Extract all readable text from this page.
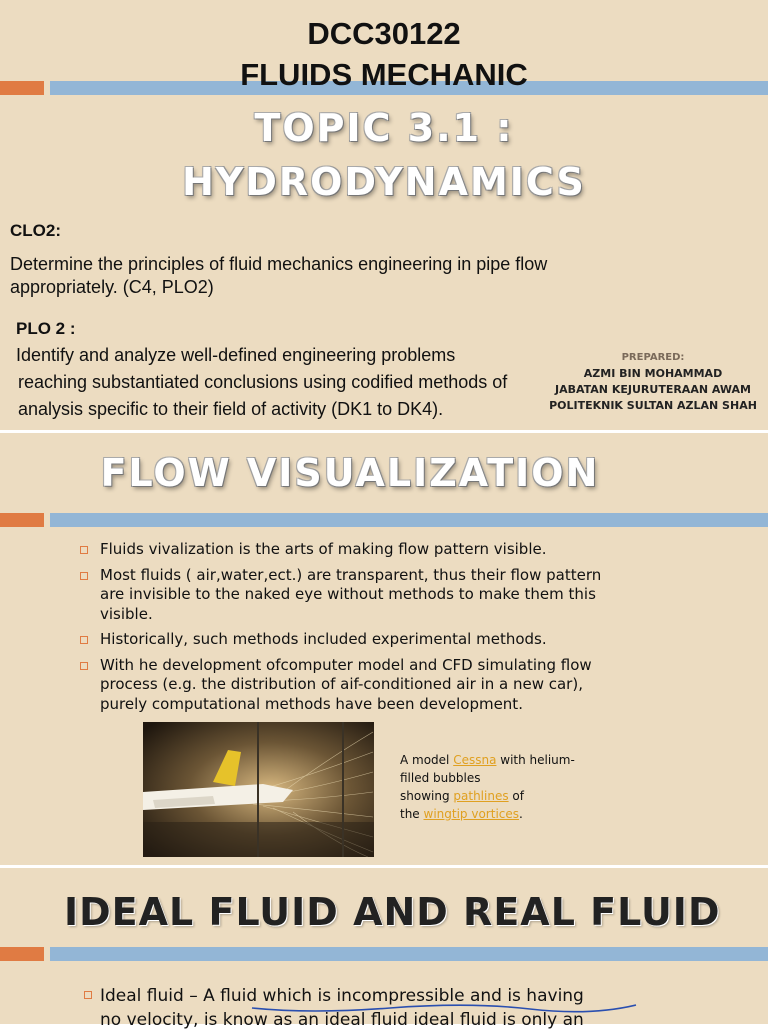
DCC30122
FLUIDS MECHANIC
TOPIC 3.1 :
HYDRODYNAMICS
CLO2:
Determine the principles of fluid mechanics engineering in pipe flow
appropriately. (C4, PLO2)
PLO 2 :
Identify and analyze well-defined engineering problems
reaching substantiated conclusions using codified methods of
analysis specific to their field of activity (DK1 to DK4).
PREPARED:
AZMI BIN MOHAMMAD
JABATAN KEJURUTERAAN AWAM
POLITEKNIK SULTAN AZLAN SHAH
FLOW VISUALIZATION
Fluids vivalization is the arts of making flow pattern visible.
Most fluids ( air,water,ect.) are transparent, thus their flow pattern
are invisible to the naked eye without methods to make them this
visible.
Historically, such methods included experimental methods.
With he development ofcomputer model and CFD simulating flow
process (e.g. the distribution of aif-conditioned air in a new car),
purely computational methods have been development.
A model Cessna with helium-
filled bubbles
showing pathlines of
the wingtip vortices.
IDEAL FLUID AND REAL FLUID
Ideal fluid – A fluid which is incompressible and is having
no velocity, is know as an ideal fluid ideal fluid is only an
